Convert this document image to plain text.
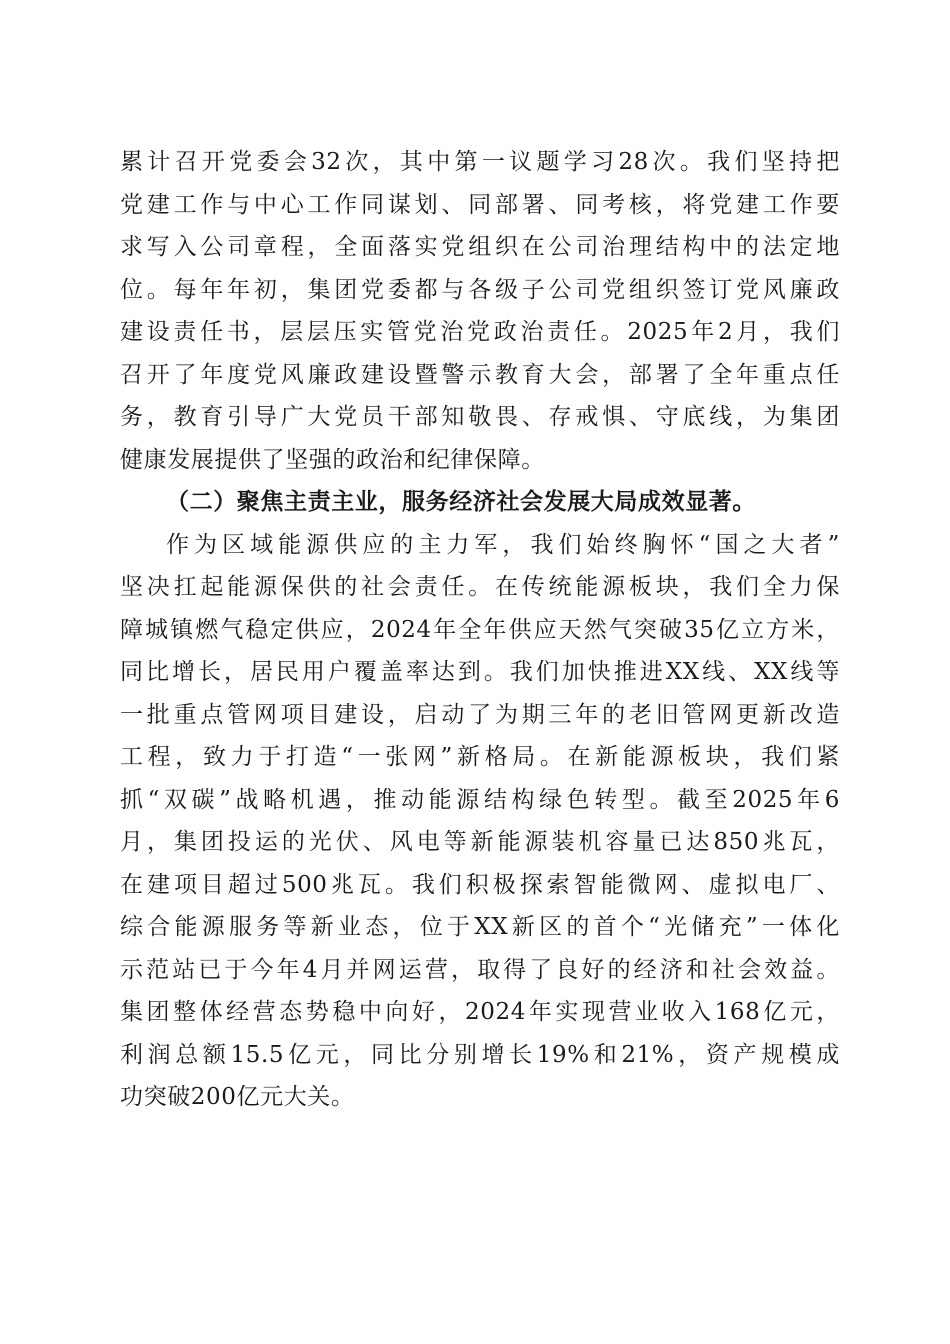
累计召开党委会32次，其中第一议题学习28次。我们坚持把
党建工作与中心工作同谋划、同部署、同考核，将党建工作要
求写入公司章程，全面落实党组织在公司治理结构中的法定地
位。每年年初，集团党委都与各级子公司党组织签订党风廉政
建设责任书，层层压实管党治党政治责任。2025年2月，我们
召开了年度党风廉政建设暨警示教育大会，部署了全年重点任
务，教育引导广大党员干部知敬畏、存戒惧、守底线，为集团
健康发展提供了坚强的政治和纪律保障。
（二）聚焦主责主业，服务经济社会发展大局成效显著。
作为区域能源供应的主力军，我们始终胸怀“国之大者”
坚决扛起能源保供的社会责任。在传统能源板块，我们全力保
障城镇燃气稳定供应，2024年全年供应天然气突破35亿立方米，
同比增长，居民用户覆盖率达到。我们加快推进XX线、XX线等
一批重点管网项目建设，启动了为期三年的老旧管网更新改造
工程，致力于打造“一张网”新格局。在新能源板块，我们紧
抓“双碳”战略机遇，推动能源结构绿色转型。截至2025年6
月，集团投运的光伏、风电等新能源装机容量已达850兆瓦，
在建项目超过500兆瓦。我们积极探索智能微网、虚拟电厂、
综合能源服务等新业态，位于XX新区的首个“光储充”一体化
示范站已于今年4月并网运营，取得了良好的经济和社会效益。
集团整体经营态势稳中向好，2024年实现营业收入168亿元，
利润总额15.5亿元，同比分别增长19%和21%，资产规模成
功突破200亿元大关。
